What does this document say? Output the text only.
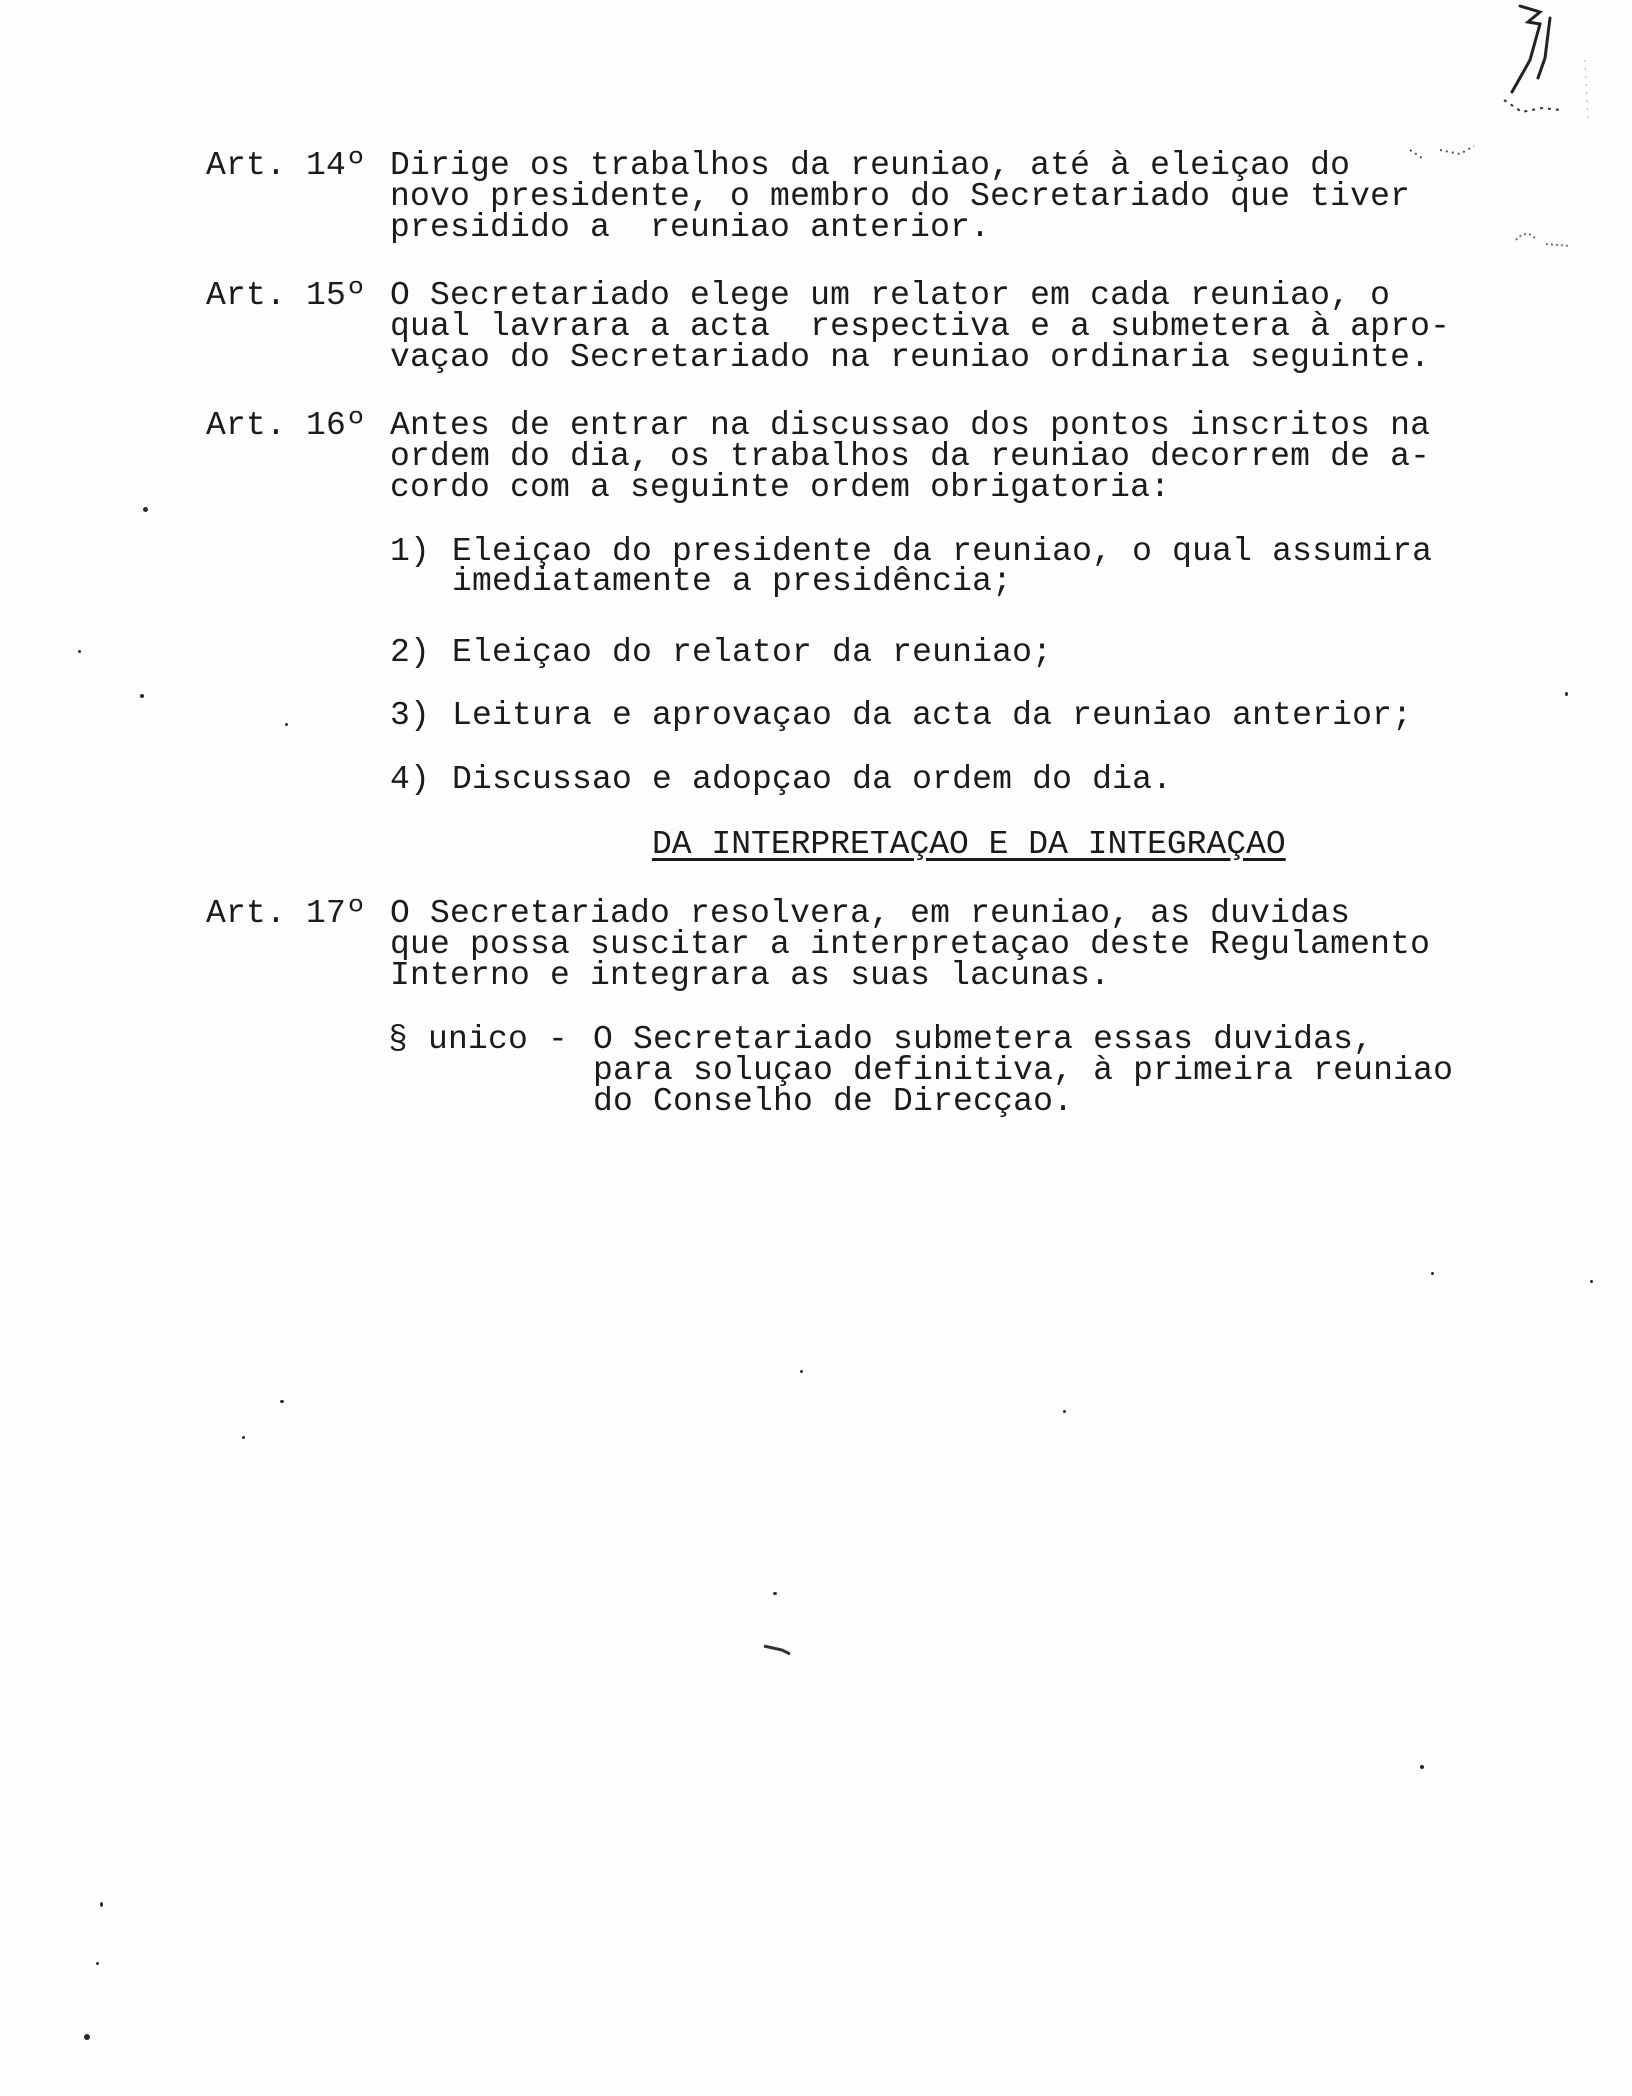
Art. 14º Dirige os trabalhos da reuniao, até à eleiçao do
novo presidente, o membro do Secretariado que tiver
presidido a  reuniao anterior.
Art. 15º O Secretariado elege um relator em cada reuniao, o
qual lavrara a acta  respectiva e a submetera à apro-
vaçao do Secretariado na reuniao ordinaria seguinte.
Art. 16º Antes de entrar na discussao dos pontos inscritos na
ordem do dia, os trabalhos da reuniao decorrem de a-
cordo com a seguinte ordem obrigatoria:
1) Eleiçao do presidente da reuniao, o qual assumira
imediatamente a presidência;
2) Eleiçao do relator da reuniao;
3) Leitura e aprovaçao da acta da reuniao anterior;
4) Discussao e adopçao da ordem do dia.
DA INTERPRETAÇAO E DA INTEGRAÇAO
Art. 17º O Secretariado resolvera, em reuniao, as duvidas
que possa suscitar a interpretaçao deste Regulamento
Interno e integrara as suas lacunas.
§ unico - O Secretariado submetera essas duvidas,
para soluçao definitiva, à primeira reuniao
do Conselho de Direcçao.
